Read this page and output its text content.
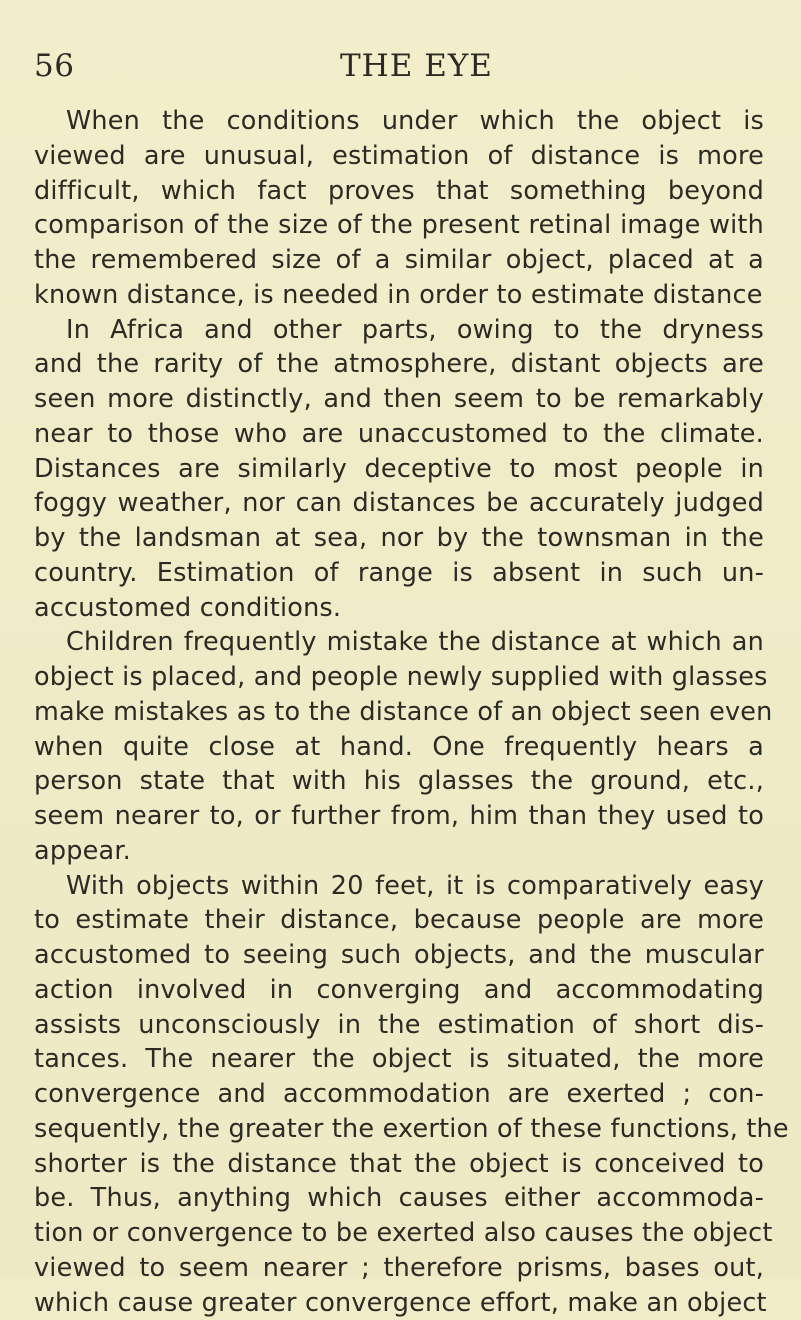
56	THE EYE
When the conditions under which the object is
viewed are unusual, estimation of distance is more
difficult, which fact proves that something beyond
comparison of the size of the present retinal image with
the remembered size of a similar object, placed at a
known distance, is needed in order to estimate distance
In Africa and other parts, owing to the dryness
and the rarity of the atmosphere, distant objects are
seen more distinctly, and then seem to be remarkably
near to those who are unaccustomed to the climate.
Distances are similarly deceptive to most people in
foggy weather, nor can distances be accurately judged
by the landsman at sea, nor by the townsman in the
country. Estimation of range is absent in such un-
accustomed conditions.
Children frequently mistake the distance at which an
object is placed, and people newly supplied with glasses
make mistakes as to the distance of an object seen even
when quite close at hand. One frequently hears a
person state that with his glasses the ground, etc.,
seem nearer to, or further from, him than they used to
appear.
With objects within 20 feet, it is comparatively easy
to estimate their distance, because people are more
accustomed to seeing such objects, and the muscular
action involved in converging and accommodating
assists unconsciously in the estimation of short dis-
tances. The nearer the object is situated, the more
convergence and accommodation are exerted ; con-
sequently, the greater the exertion of these functions, the
shorter is the distance that the object is conceived to
be. Thus, anything which causes either accommoda-
tion or convergence to be exerted also causes the object
viewed to seem nearer ; therefore prisms, bases out,
which cause greater convergence effort, make an object
